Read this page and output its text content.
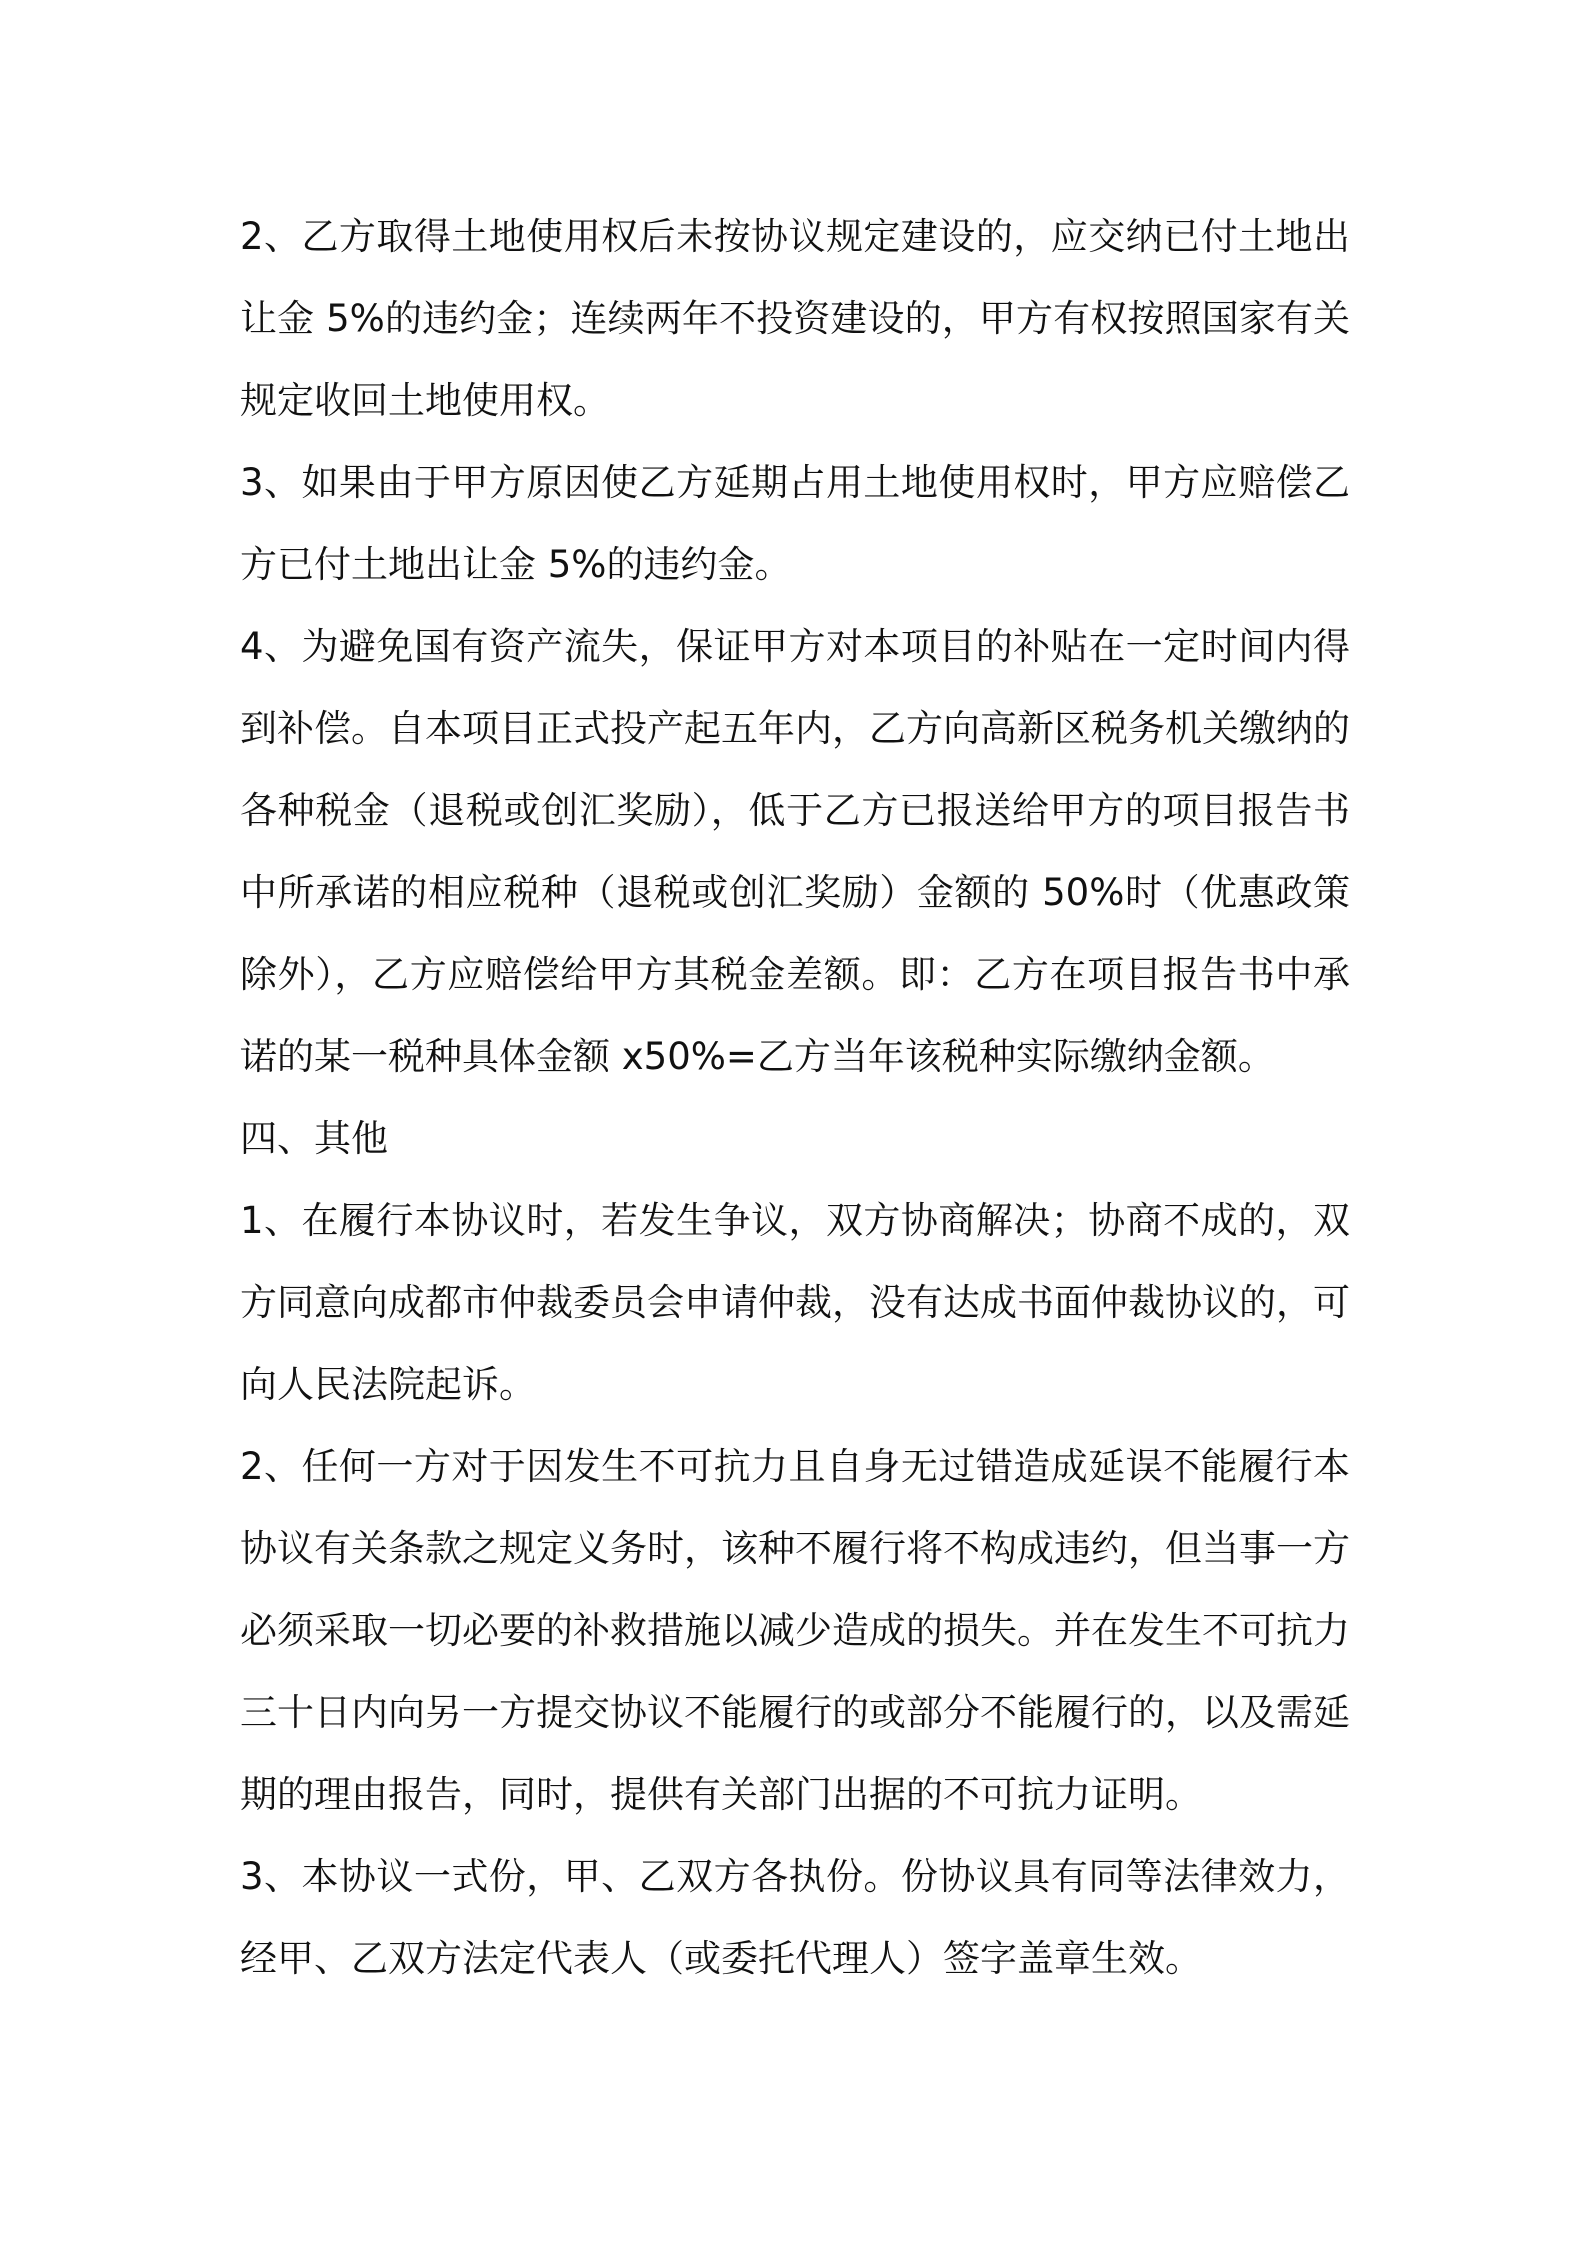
2、乙方取得土地使用权后未按协议规定建设的，应交纳已付土地出
让金 5%的违约金；连续两年不投资建设的，甲方有权按照国家有关
规定收回土地使用权。
3、如果由于甲方原因使乙方延期占用土地使用权时，甲方应赔偿乙
方已付土地出让金 5%的违约金。
4、为避免国有资产流失，保证甲方对本项目的补贴在一定时间内得
到补偿。自本项目正式投产起五年内，乙方向高新区税务机关缴纳的
各种税金（退税或创汇奖励），低于乙方已报送给甲方的项目报告书
中所承诺的相应税种（退税或创汇奖励）金额的 50%时（优惠政策
除外），乙方应赔偿给甲方其税金差额。即：乙方在项目报告书中承
诺的某一税种具体金额 x50%=乙方当年该税种实际缴纳金额。
四、其他
1、在履行本协议时，若发生争议，双方协商解决；协商不成的，双
方同意向成都市仲裁委员会申请仲裁，没有达成书面仲裁协议的，可
向人民法院起诉。
2、任何一方对于因发生不可抗力且自身无过错造成延误不能履行本
协议有关条款之规定义务时，该种不履行将不构成违约，但当事一方
必须采取一切必要的补救措施以减少造成的损失。并在发生不可抗力
三十日内向另一方提交协议不能履行的或部分不能履行的，以及需延
期的理由报告，同时，提供有关部门出据的不可抗力证明。
3、本协议一式份，甲、乙双方各执份。份协议具有同等法律效力，
经甲、乙双方法定代表人（或委托代理人）签字盖章生效。
